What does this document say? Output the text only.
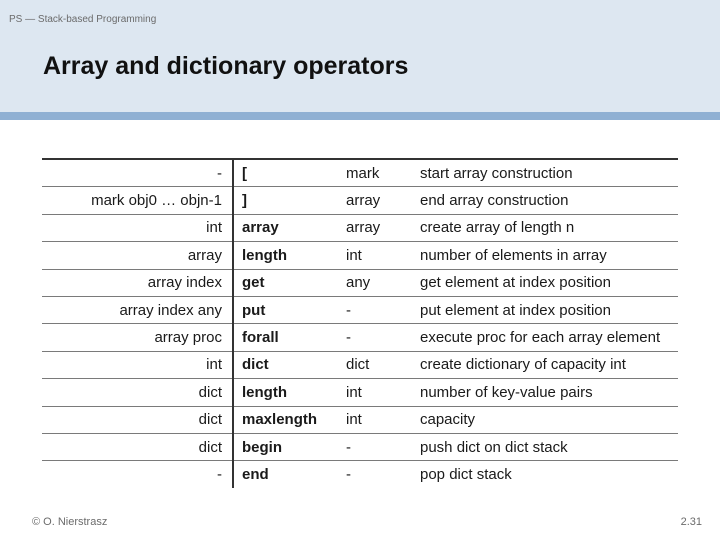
PS — Stack-based Programming
Array and dictionary operators
-	[	mark	start array construction
mark obj0 … objn-1	]	array	end array construction
int	array	array	create array of length n
array	length	int	number of elements in array
array index	get	any	get element at index position
array index any	put	-	put element at index position
array proc	forall	-	execute proc for each array element
int	dict	dict	create dictionary of capacity int
dict	length	int	number of key-value pairs
dict	maxlength	int	capacity
dict	begin	-	push dict on dict stack
-	end	-	pop dict stack
© O. Nierstrasz	2.31
